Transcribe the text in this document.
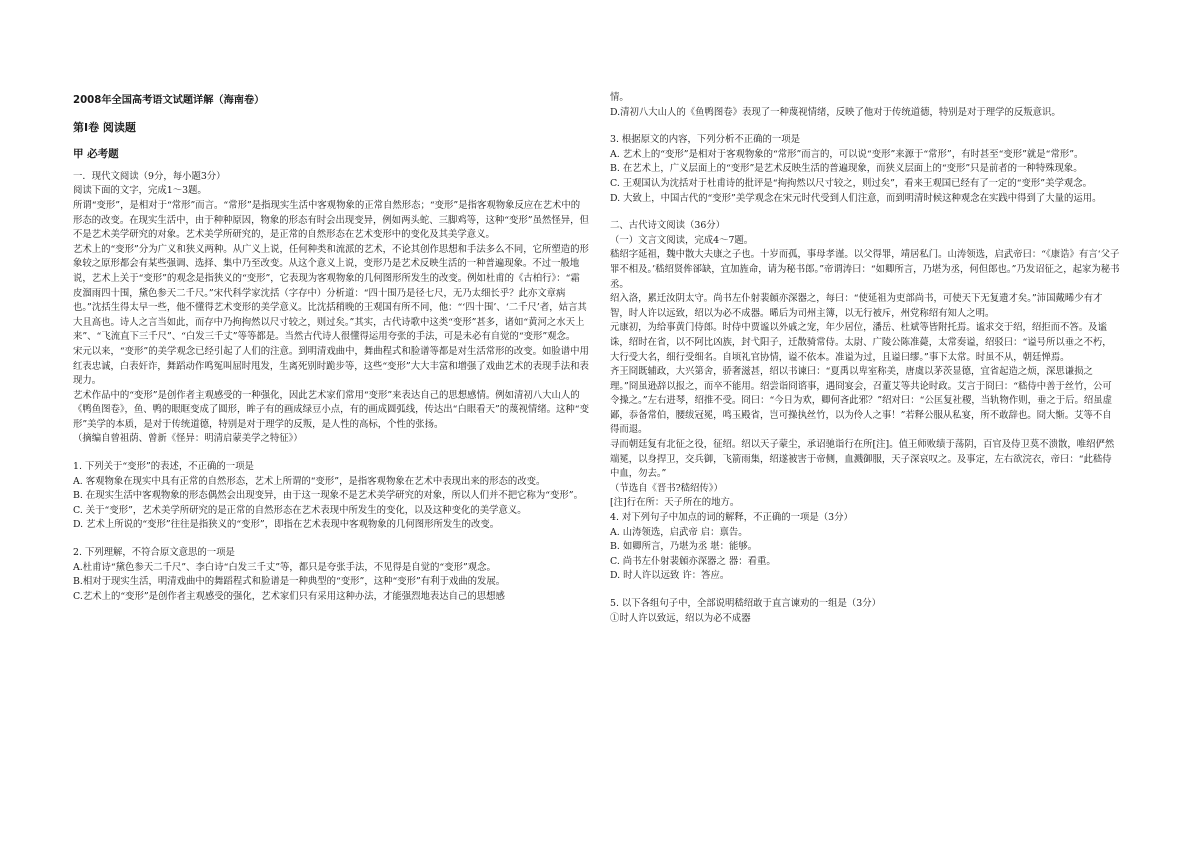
2008年全国高考语文试题详解（海南卷）

第Ⅰ卷 阅读题

甲 必考题

一．现代文阅读（9分，每小题3分）

阅读下面的文字，完成1～3题。

所谓“变形”，是相对于“常形”而言。“常形”是指现实生活中客观物象的正常自然形态；“变形”是指客观物象反应在艺术中的形态的改变。在现实生活中，由于种种原因，物象的形态有时会出现变异，例如两头蛇、三脚鸡等，这种“变形”虽然怪异，但不是艺术美学研究的对象。艺术美学所研究的，是正常的自然形态在艺术变形中的变化及其美学意义。

艺术上的“变形”分为广义和狭义两种。从广义上说，任何种类和流派的艺术，不论其创作思想和手法多么不同，它所塑造的形象较之原形都会有某些强调、选择、集中乃至改变。从这个意义上说，变形乃是艺术反映生活的一种普遍现象。不过一般地说，艺术上关于“变形”的观念是指狭义的“变形”，它表现为客观物象的几何图形所发生的改变。例如杜甫的《古柏行》：“霜皮溜雨四十围，黛色参天二千尺。”宋代科学家沈括（字存中）分析道：“四十围乃是径七尺，无乃太细长乎？此亦文章病也。”沈括生得太早一些，他不懂得艺术变形的美学意义。比沈括稍晚的王观国有所不同，他：“‘四十围’、‘二千尺’者，姑言其大且高也。诗人之言当如此，而存中乃拘拘然以尺寸较之，则过矣。”其实，古代诗歌中这类“变形”甚多，诸如“黄河之水天上来”、“飞流直下三千尺”、“白发三千丈”等等都是。当然古代诗人很懂得运用夸张的手法，可是未必有自觉的“变形”观念。

宋元以来，“变形”的美学观念已经引起了人们的注意。到明清戏曲中，舞曲程式和脸谱等都是对生活常形的改变。如脸谱中用红表忠诚，白表奸诈，舞蹈动作鸣冤叫屈时甩发，生离死别时跪步等，这些“变形”大大丰富和增强了戏曲艺术的表现手法和表现力。

艺术作品中的“变形”是创作者主观感受的一种强化，因此艺术家们常用“变形”来表达自己的思想感情。例如清初八大山人的《鸭鱼图卷》，鱼、鸭的眼眶变成了圆形，眸子有的画成绿豆小点，有的画成圆弧线，传达出“白眼看天”的蔑视情绪。这种“变形”美学的本质，是对于传统道德，特别是对于理学的反叛，是人性的高标，个性的张扬。

（摘编自曾祖荫、曾新《怪异：明清启蒙美学之特征》）

1. 下列关于“变形”的表述，不正确的一项是

A. 客观物象在现实中具有正常的自然形态，艺术上所谓的“变形”，是指客观物象在艺术中表现出来的形态的改变。

B. 在现实生活中客观物象的形态偶然会出现变异，由于这一现象不是艺术美学研究的对象，所以人们并不把它称为“变形”。

C. 关于“变形”，艺术美学所研究的是正常的自然形态在艺术表现中所发生的变化，以及这种变化的美学意义。

D. 艺术上所说的“变形”往往是指狭义的“变形”，即指在艺术表现中客观物象的几何图形所发生的改变。

2. 下列理解，不符合原文意思的一项是

A.杜甫诗“黛色参天二千尺”、李白诗“白发三千丈”等，都只是夸张手法，不见得是自觉的“变形”观念。

B.相对于现实生活，明清戏曲中的舞蹈程式和脸谱是一种典型的“变形”，这种“变形”有利于戏曲的发展。

C.艺术上的“变形”是创作者主观感受的强化，艺术家们只有采用这种办法，才能强烈地表达自己的思想感

情。

D.清初八大山人的《鱼鸭图卷》表现了一种蔑视情绪，反映了他对于传统道德，特别是对于理学的反叛意识。

3. 根据原文的内容，下列分析不正确的一项是

A. 艺术上的“变形”是相对于客观物象的“常形”而言的，可以说“变形”来源于“常形”，有时甚至“变形”就是“常形”。

B. 在艺术上，广义层面上的“变形”是艺术反映生活的普遍现象，而狭义层面上的“变形”只是前者的一种特殊现象。

C. 王观国认为沈括对于杜甫诗的批评是“拘拘然以尺寸较之，则过矣”，看来王观国已经有了一定的“变形”美学观念。

D. 大致上，中国古代的“变形”美学观念在宋元时代受到人们注意，而到明清时候这种观念在实践中得到了大量的运用。

二、古代诗文阅读（36分）

（一）文言文阅读，完成4～7题。

嵇绍字延祖，魏中散大夫康之子也。十岁而孤，事母孝谨。以父得罪，靖居私门。山涛领选，启武帝曰：“《康诰》有言‘父子罪不相及。’嵇绍贤侔郤缺，宜加旌命，请为秘书郎。”帝谓涛曰：“如卿所言，乃堪为丞，何但郎也。”乃发诏征之，起家为秘书丞。

绍入洛，累迁汝阴太守。尚书左仆射裴頠亦深器之，每曰：“使延祖为吏部尚书，可使天下无复遗才矣。”沛国戴晞少有才智，时人许以远致，绍以为必不成器。晞后为司州主簿，以无行被斥，州党称绍有知人之明。

元康初，为给事黄门侍郎。时侍中贾谧以外戚之宠，年少居位，潘岳、杜斌等皆附托焉。谧求交于绍，绍拒而不答。及谧诛，绍时在省，以不阿比凶族，封弋阳子，迁散骑常侍。太尉、广陵公陈准薨，太常奏谥，绍驳曰：“谥号所以垂之不朽，大行受大名，细行受细名。自顷礼官协情，谥不依本。准谥为过，且谥曰缪。”事下太常。时虽不从，朝廷惮焉。

齐王冏既辅政，大兴第舍，骄奢滋甚，绍以书谏曰：“夏禹以卑室称美，唐虞以茅茨显德，宜省起造之烦，深思谦损之理。”冏虽逊辞以报之，而卒不能用。绍尝诣冏谘事，遇冏宴会，召董艾等共论时政。艾言于冏曰：“嵇侍中善于丝竹，公可令操之。”左右进琴，绍推不受。冏曰：“今日为欢，卿何吝此邪？”绍对曰：“公匡复社稷，当轨物作则，垂之于后。绍虽虚鄙，忝备常伯，腰绂冠冕，鸣玉殿省，岂可操执丝竹，以为伶人之事！”若释公服从私宴，所不敢辞也。冏大惭。艾等不自得而退。

寻而朝廷复有北征之役，征绍。绍以天子蒙尘，承诏驰诣行在所[注]。值王师败绩于荡阴，百官及侍卫莫不溃散，唯绍俨然端冕，以身捍卫，交兵御，飞箭雨集，绍遂被害于帝侧，血溅御服，天子深哀叹之。及事定，左右欲浣衣，帝曰：“此嵇侍中血，勿去。”

（节选自《晋书?嵇绍传》）

[注]行在所：天子所在的地方。

4. 对下列句子中加点的词的解释，不正确的一项是（3分）

A. 山涛领选，启武帝 启：禀告。

B. 如卿所言，乃堪为丞 堪：能够。

C. 尚书左仆射裴頠亦深器之 器：看重。

D. 时人许以远致 许：答应。

5. 以下各组句子中，全部说明嵇绍敢于直言谏劝的一组是（3分）

①时人许以致远，绍以为必不成器
